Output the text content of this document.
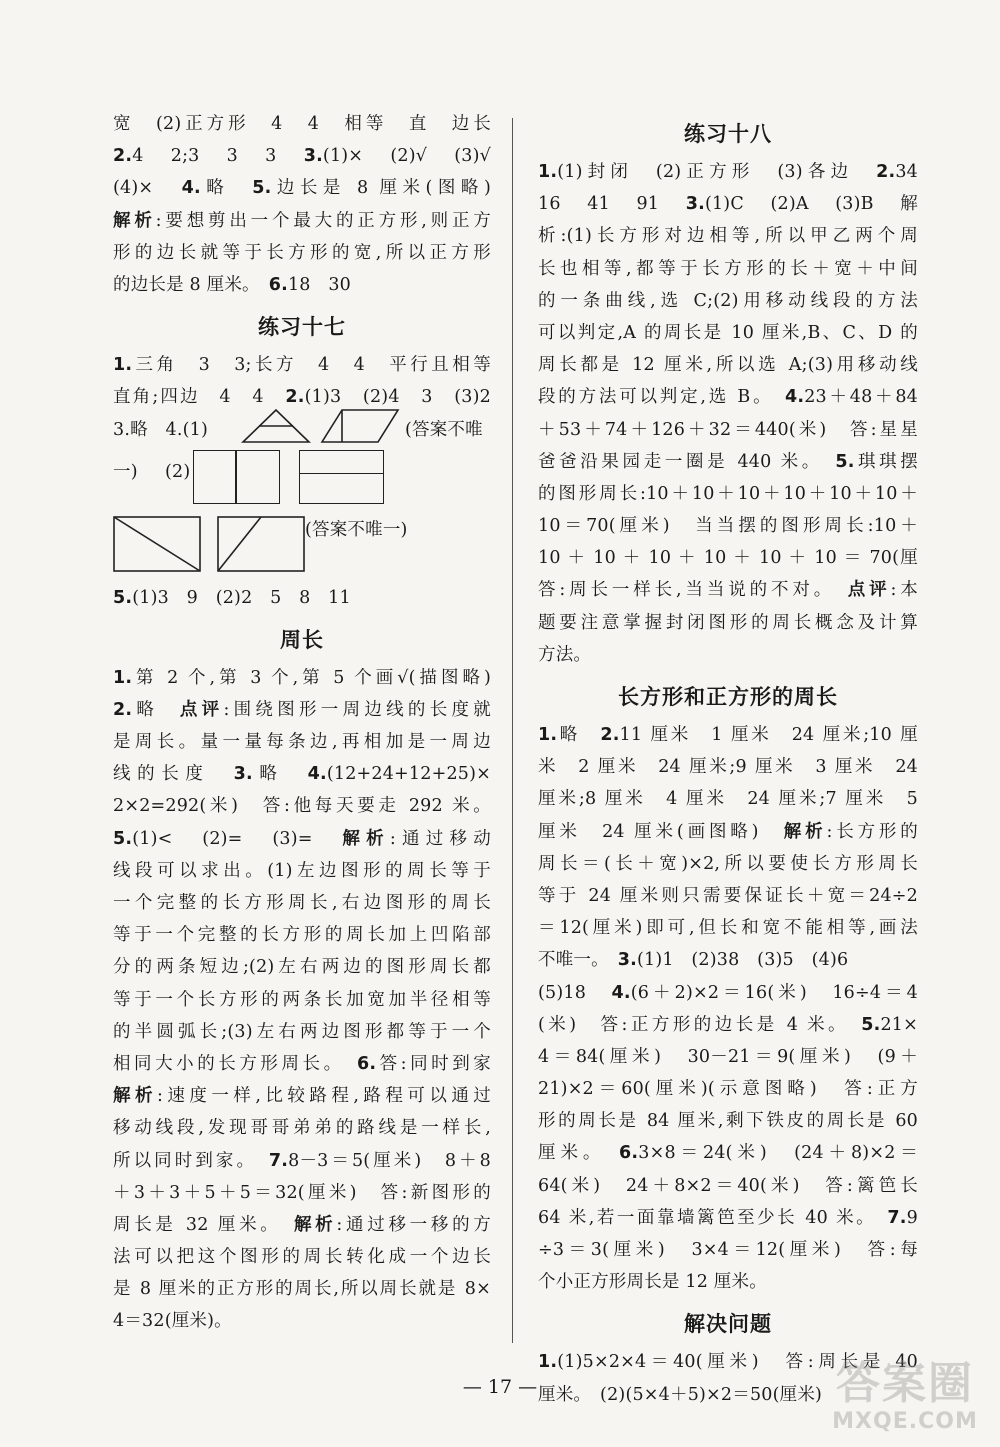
宽　(2)正方形　4　4　相等　直　边长
2.4　2;3　3　3　3.(1)×　(2)√　(3)√
(4)×　4.略　5.边长是 8 厘米(图略)
解析:要想剪出一个最大的正方形,则正方
形的边长就等于长方形的宽,所以正方形
的边长是 8 厘米。　6.18　30
练习十七
1.三角　3　3;长方　4　4　平行且相等
直角;四边　4　4　2.(1)3　(2)4　3　(3)2
3.略　4.(1)	(答案不唯
一) (2)
(答案不唯一)
5.(1)3　9　(2)2　5　8　11
周长
1.第 2 个,第 3 个,第 5 个画√(描图略)
2.略　点评:围绕图形一周边线的长度就
是周长。量一量每条边,再相加是一周边
线的长度　3.略　4.(12+24+12+25)×
2×2=292(米)　答:他每天要走 292 米。
5.(1)<　(2)=　(3)=　解析:通过移动
线段可以求出。(1)左边图形的周长等于
一个完整的长方形周长,右边图形的周长
等于一个完整的长方形的周长加上凹陷部
分的两条短边;(2)左右两边的图形周长都
等于一个长方形的两条长加宽加半径相等
的半圆弧长;(3)左右两边图形都等于一个
相同大小的长方形周长。　6.答:同时到家
解析:速度一样,比较路程,路程可以通过
移动线段,发现哥哥弟弟的路线是一样长,
所以同时到家。　7.8－3＝5(厘米)　8＋8
＋3＋3＋5＋5＝32(厘米)　答:新图形的
周长是 32 厘米。　解析:通过移一移的方
法可以把这个图形的周长转化成一个边长
是 8 厘米的正方形的周长,所以周长就是 8×
4＝32(厘米)。
练习十八
1.(1)封闭　(2)正方形　(3)各边　2.34
16　41　91　3.(1)C　(2)A　(3)B　解
析:(1)长方形对边相等,所以甲乙两个周
长也相等,都等于长方形的长＋宽＋中间
的一条曲线,选 C;(2)用移动线段的方法
可以判定,A 的周长是 10 厘米,B、C、D 的
周长都是 12 厘米,所以选 A;(3)用移动线
段的方法可以判定,选 B。　4.23＋48＋84
＋53＋74＋126＋32＝440(米)　答:星星
爸爸沿果园走一圈是 440 米。　5.琪琪摆
的图形周长:10＋10＋10＋10＋10＋10＋
10＝70(厘米)　当当摆的图形周长:10＋
10 ＋ 10 ＋ 10 ＋ 10 ＋ 10 ＋ 10 ＝ 70(厘
答:周长一样长,当当说的不对。　点评:本
题要注意掌握封闭图形的周长概念及计算
方法。
长方形和正方形的周长
1.略　2.11 厘米　1 厘米　24 厘米;10 厘
米　2 厘米　24 厘米;9 厘米　3 厘米　24
厘米;8 厘米　4 厘米　24 厘米;7 厘米　5
厘米　24 厘米(画图略)　解析:长方形的
周长＝(长＋宽)×2,所以要使长方形周长
等于 24 厘米则只需要保证长＋宽＝24÷2
＝12(厘米)即可,但长和宽不能相等,画法
不唯一。　3.(1)1　(2)38　(3)5　(4)6
(5)18　4.(6＋2)×2＝16(米)　16÷4＝4
(米)　答:正方形的边长是 4 米。　5.21×
4＝84(厘米)　30－21＝9(厘米)　(9＋
21)×2＝60(厘米)(示意图略)　答:正方
形的周长是 84 厘米,剩下铁皮的周长是 60
厘米。　6.3×8＝24(米)　(24＋8)×2＝
64(米)　24＋8×2＝40(米)　答:篱笆长
64 米,若一面靠墙篱笆至少长 40 米。　7.9
÷3＝3(厘米)　3×4＝12(厘米)　答:每
个小正方形周长是 12 厘米。
解决问题
1.(1)5×2×4＝40(厘米)　答:周长是 40
厘米。　(2)(5×4＋5)×2＝50(厘米)
— 17 —	答案圈
MXQE.COM
